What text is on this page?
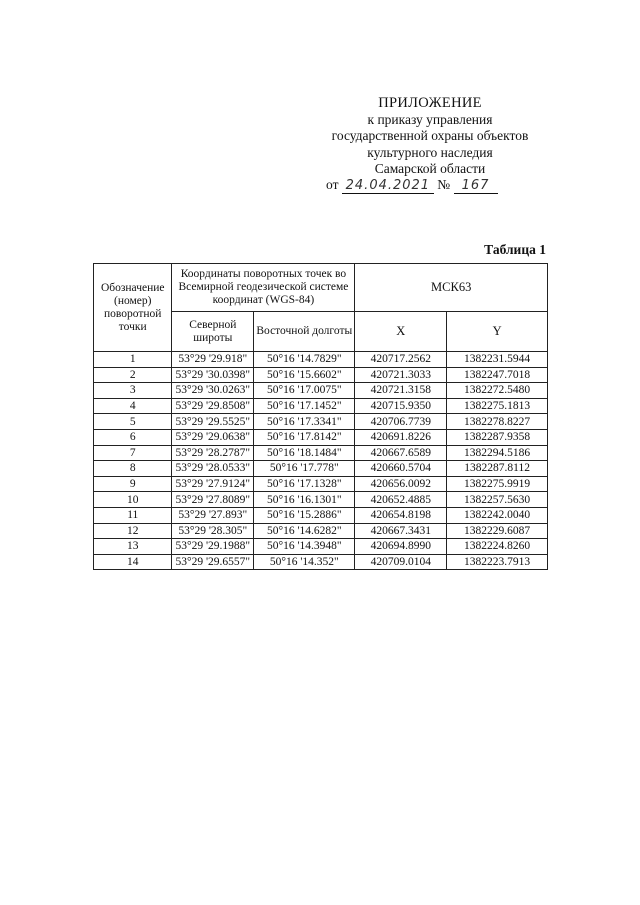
ПРИЛОЖЕНИЕ
к приказу управления
государственной охраны объектов
культурного наследия
Самарской области
от 24.04.2021 № 167
Таблица 1
Обозначение (номер) поворотной точки	Координаты поворотных точек во Всемирной геодезической системе координат (WGS-84)		МСК63	
	Северной широты	Восточной долготы	X	Y
1	53°29 '29.918"	50°16 '14.7829"	420717.2562	1382231.5944
2	53°29 '30.0398"	50°16 '15.6602"	420721.3033	1382247.7018
3	53°29 '30.0263"	50°16 '17.0075"	420721.3158	1382272.5480
4	53°29 '29.8508"	50°16 '17.1452"	420715.9350	1382275.1813
5	53°29 '29.5525"	50°16 '17.3341"	420706.7739	1382278.8227
6	53°29 '29.0638"	50°16 '17.8142"	420691.8226	1382287.9358
7	53°29 '28.2787"	50°16 '18.1484"	420667.6589	1382294.5186
8	53°29 '28.0533"	50°16 '17.778"	420660.5704	1382287.8112
9	53°29 '27.9124"	50°16 '17.1328"	420656.0092	1382275.9919
10	53°29 '27.8089"	50°16 '16.1301"	420652.4885	1382257.5630
11	53°29 '27.893"	50°16 '15.2886"	420654.8198	1382242.0040
12	53°29 '28.305"	50°16 '14.6282"	420667.3431	1382229.6087
13	53°29 '29.1988"	50°16 '14.3948"	420694.8990	1382224.8260
14	53°29 '29.6557"	50°16 '14.352"	420709.0104	1382223.7913
